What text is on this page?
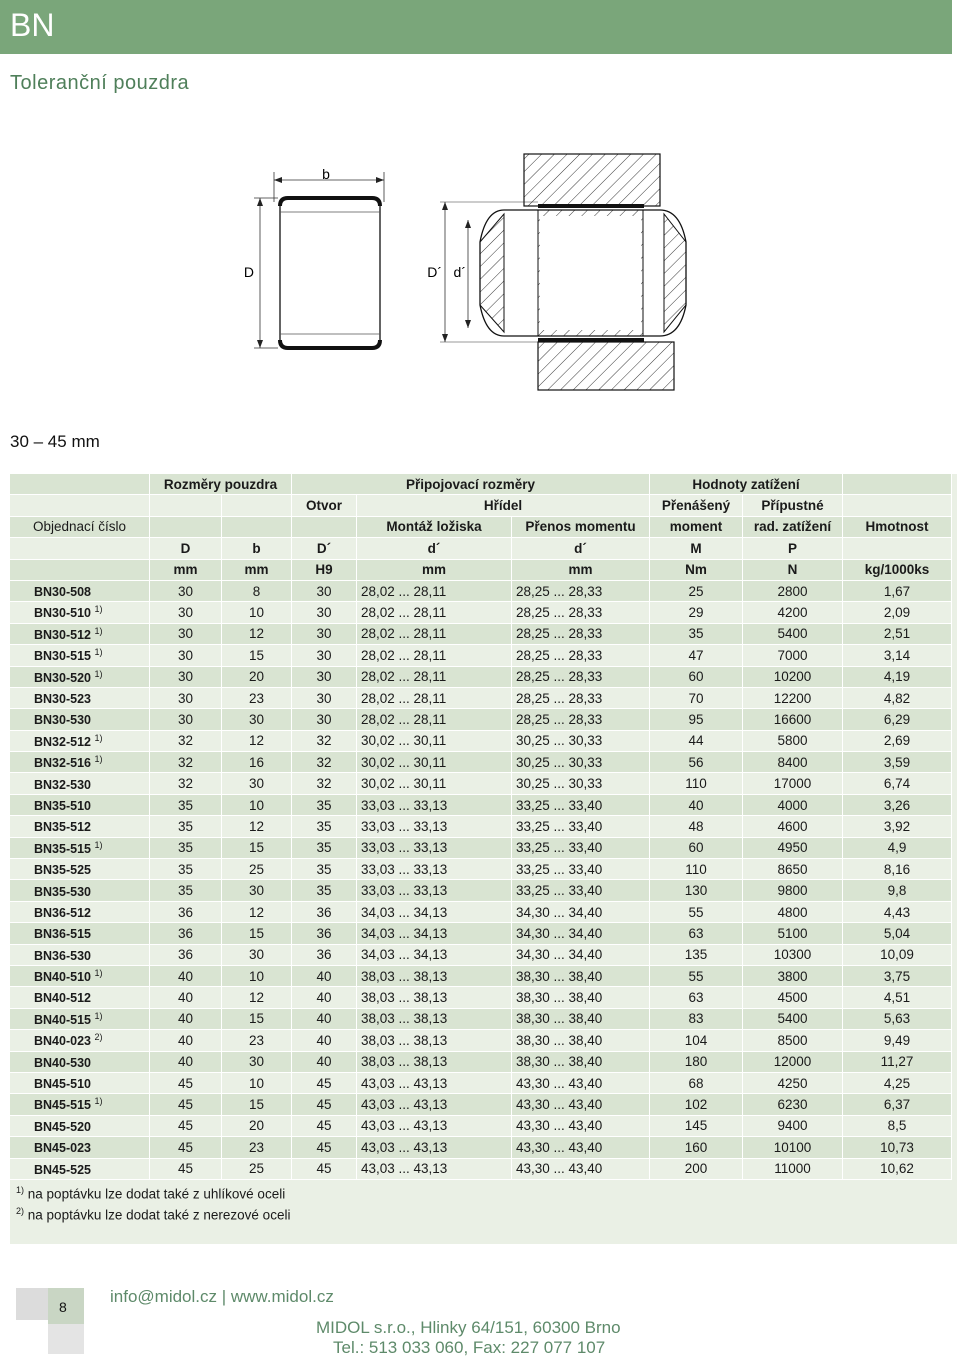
BN
Toleranční pouzdra
b
D	D´ d´
30 – 45 mm
	Rozměry pouzdra		Připojovací rozměry			Hodnoty zatížení		
			Otvor	Hřídel		Přenášený	Přípustné	
Objednací číslo				Montáž ložiska	Přenos momentu	moment	rad. zatížení	Hmotnost
	D	b	D´	d´	d´	M	P	
	mm	mm	H9	mm	mm	Nm	N	kg/1000ks
BN30-508	30	8	30	28,02 ... 28,11	28,25 ... 28,33	25	2800	1,67
BN30-510 $^{1)}$	30	10	30	28,02 ... 28,11	28,25 ... 28,33	29	4200	2,09
BN30-512 $^{1)}$	30	12	30	28,02 ... 28,11	28,25 ... 28,33	35	5400	2,51
BN30-515 $^{1)}$	30	15	30	28,02 ... 28,11	28,25 ... 28,33	47	7000	3,14
BN30-520 $^{1)}$	30	20	30	28,02 ... 28,11	28,25 ... 28,33	60	10200	4,19
BN30-523	30	23	30	28,02 ... 28,11	28,25 ... 28,33	70	12200	4,82
BN30-530	30	30	30	28,02 ... 28,11	28,25 ... 28,33	95	16600	6,29
BN32-512 $^{1)}$	32	12	32	30,02 ... 30,11	30,25 ... 30,33	44	5800	2,69
BN32-516 $^{1)}$	32	16	32	30,02 ... 30,11	30,25 ... 30,33	56	8400	3,59
BN32-530	32	30	32	30,02 ... 30,11	30,25 ... 30,33	110	17000	6,74
BN35-510	35	10	35	33,03 ... 33,13	33,25 ... 33,40	40	4000	3,26
BN35-512	35	12	35	33,03 ... 33,13	33,25 ... 33,40	48	4600	3,92
BN35-515 $^{1)}$	35	15	35	33,03 ... 33,13	33,25 ... 33,40	60	4950	4,9
BN35-525	35	25	35	33,03 ... 33,13	33,25 ... 33,40	110	8650	8,16
BN35-530	35	30	35	33,03 ... 33,13	33,25 ... 33,40	130	9800	9,8
BN36-512	36	12	36	34,03 ... 34,13	34,30 ... 34,40	55	4800	4,43
BN36-515	36	15	36	34,03 ... 34,13	34,30 ... 34,40	63	5100	5,04
BN36-530	36	30	36	34,03 ... 34,13	34,30 ... 34,40	135	10300	10,09
BN40-510 $^{1)}$	40	10	40	38,03 ... 38,13	38,30 ... 38,40	55	3800	3,75
BN40-512	40	12	40	38,03 ... 38,13	38,30 ... 38,40	63	4500	4,51
BN40-515 $^{1)}$	40	15	40	38,03 ... 38,13	38,30 ... 38,40	83	5400	5,63
BN40-023 $^{2)}$	40	23	40	38,03 ... 38,13	38,30 ... 38,40	104	8500	9,49
BN40-530	40	30	40	38,03 ... 38,13	38,30 ... 38,40	180	12000	11,27
BN45-510	45	10	45	43,03 ... 43,13	43,30 ... 43,40	68	4250	4,25
BN45-515 $^{1)}$	45	15	45	43,03 ... 43,13	43,30 ... 43,40	102	6230	6,37
BN45-520	45	20	45	43,03 ... 43,13	43,30 ... 43,40	145	9400	8,5
BN45-023	45	23	45	43,03 ... 43,13	43,30 ... 43,40	160	10100	10,73
BN45-525	45	25	45	43,03 ... 43,13	43,30 ... 43,40	200	11000	10,62
$^{1)}$ na poptávku lze dodat také z uhlíkové oceli
$^{2)}$ na poptávku lze dodat také z nerezové oceli
8
info@midol.cz | www.midol.cz
MIDOL s.r.o., Hlinky 64/151, 60300 Brno
Tel.: 513 033 060, Fax: 227 077 107
